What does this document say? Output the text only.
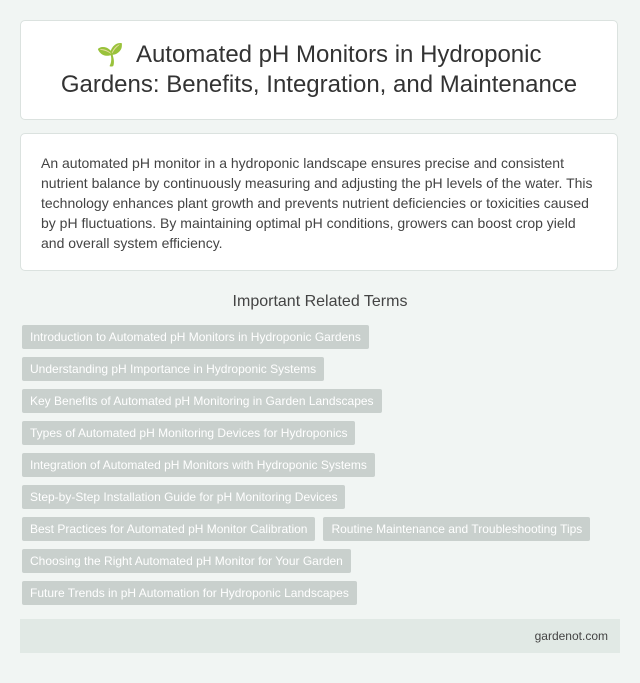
🌱 Automated pH Monitors in Hydroponic Gardens: Benefits, Integration, and Maintenance

An automated pH monitor in a hydroponic landscape ensures precise and consistent nutrient balance by continuously measuring and adjusting the pH levels of the water. This technology enhances plant growth and prevents nutrient deficiencies or toxicities caused by pH fluctuations. By maintaining optimal pH conditions, growers can boost crop yield and overall system efficiency.

Important Related Terms
Introduction to Automated pH Monitors in Hydroponic Gardens
Understanding pH Importance in Hydroponic Systems
Key Benefits of Automated pH Monitoring in Garden Landscapes
Types of Automated pH Monitoring Devices for Hydroponics
Integration of Automated pH Monitors with Hydroponic Systems
Step-by-Step Installation Guide for pH Monitoring Devices
Best Practices for Automated pH Monitor Calibration	Routine Maintenance and Troubleshooting Tips
Choosing the Right Automated pH Monitor for Your Garden
Future Trends in pH Automation for Hydroponic Landscapes
gardenot.com
